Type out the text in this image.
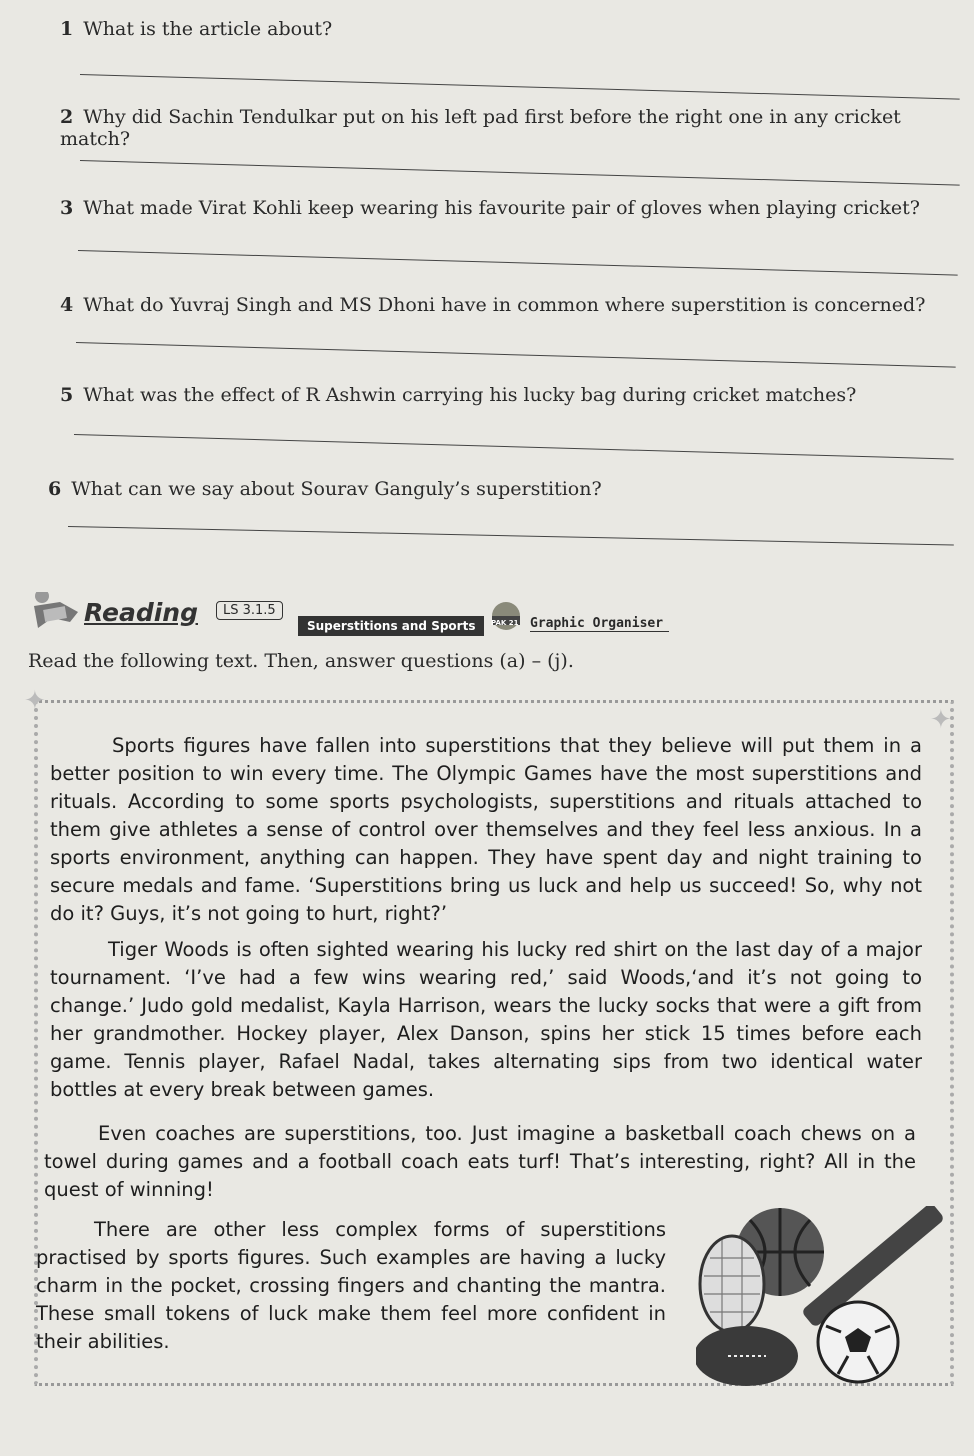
1 What is the article about?
2 Why did Sachin Tendulkar put on his left pad first before the right one in any cricket match?
3 What made Virat Kohli keep wearing his favourite pair of gloves when playing cricket?
4 What do Yuvraj Singh and MS Dhoni have in common where superstition is concerned?
5 What was the effect of R Ashwin carrying his lucky bag during cricket matches?
6 What can we say about Sourav Ganguly’s superstition?
Reading	LS 3.1.5
Superstitions and Sports	PAK 21 Graphic Organiser
Read the following text. Then, answer questions (a) – (j).
✦
✦
Sports figures have fallen into superstitions that they believe will put them in a better position to win every time. The Olympic Games have the most superstitions and rituals. According to some sports psychologists, superstitions and rituals attached to them give athletes a sense of control over themselves and they feel less anxious. In a sports environment, anything can happen. They have spent day and night training to secure medals and fame. ‘Superstitions bring us luck and help us succeed! So, why not do it? Guys, it’s not going to hurt, right?’
Tiger Woods is often sighted wearing his lucky red shirt on the last day of a major tournament. ‘I’ve had a few wins wearing red,’ said Woods,‘and it’s not going to change.’ Judo gold medalist, Kayla Harrison, wears the lucky socks that were a gift from her grandmother. Hockey player, Alex Danson, spins her stick 15 times before each game. Tennis player, Rafael Nadal, takes alternating sips from two identical water bottles at every break between games.
Even coaches are superstitions, too. Just imagine a basketball coach chews on a towel during games and a football coach eats turf! That’s interesting, right? All in the quest of winning!
There are other less complex forms of superstitions practised by sports figures. Such examples are having a lucky charm in the pocket, crossing fingers and chanting the mantra. These small tokens of luck make them feel more confident in their abilities.
